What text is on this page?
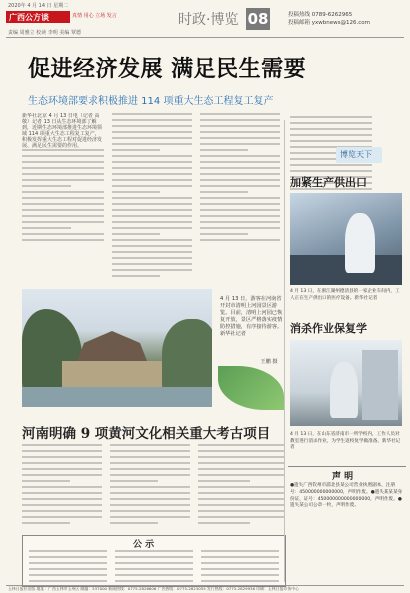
2020年 4 月 14 日 星期二
广西公方谈	真情 用心 立场 发言	时政·博览 08
责编 周雅立 校读 李明 美编 覃德
投稿热线 0789-6262965
投稿邮箱 yxwbnews@126.com
促进经济发展 满足民生需要
生态环境部要求积极推进 114 项重大生态工程复工复产
新华社北京 4 月 13 日电（记者 高敬）记者 13 日从生态环境部了解到，近期生态环境部推进生态环境领域 114 项重大生态工程复工复产，积极发挥重大生态工程对促进经济发展、满足民生需要的作用。
4 月 13 日，游客在河南省开封市清明上河园景区游览。目前，清明上河园已恢复开放，景区严格落实疫情防控措施，有序接待游客。新华社记者
王鹏 摄
河南明确 9 项黄河文化相关重大考古项目
公 示
博览天下
加紧生产供出口
4 月 13 日，在浙江湖州德清县的一家企业车间内，工人正在生产供出口的医疗设备。新华社记者
消杀作业保复学
4 月 13 日，在山东省济南市一所学校内，工作人员对教室进行消杀作业，为学生返校复学做准备。新华社记者
声 明
●遗失广西钦州市浦北县某公司营业执照副本，注册号：450000000000000，声明作废。●遗失某某某身份证，证号：450000000000000000，声明作废。●遗失某公司公章一枚，声明作废。
玉林日报社出版 地址：广西玉林市玉州区 邮编：537000 新闻热线：0775-2826606 广告热线：0775-2823055 发行热线：0775-2829936 印刷：玉林日报印务中心
